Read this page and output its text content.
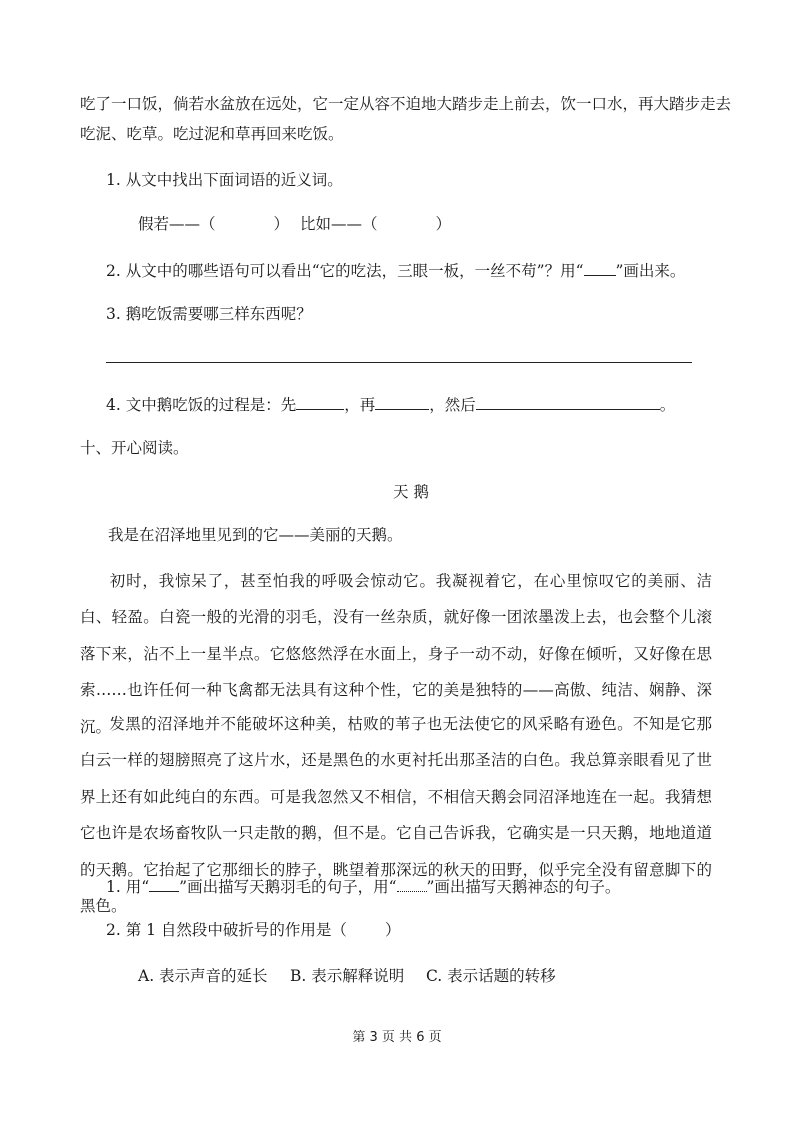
吃了一口饭，倘若水盆放在远处，它一定从容不迫地大踏步走上前去，饮一口水，再大踏步走去
吃泥、吃草。吃过泥和草再回来吃饭。
1. 从文中找出下面词语的近义词。
假若——（	） 比如——（	）
2. 从文中的哪些语句可以看出“它的吃法，三眼一板，一丝不苟”？用“ ”画出来。
3. 鹅吃饭需要哪三样东西呢？
4. 文中鹅吃饭的过程是：先	，再	，然后	。
十、开心阅读。
天 鹅
我是在沼泽地里见到的它——美丽的天鹅。
初时，我惊呆了，甚至怕我的呼吸会惊动它。我凝视着它，在心里惊叹它的美丽、洁白、轻盈。白瓷一般的光滑的羽毛，没有一丝杂质，就好像一团浓墨泼上去，也会整个儿滚落下来，沾不上一星半点。它悠悠然浮在水面上，身子一动不动，好像在倾听，又好像在思索……也许任何一种飞禽都无法具有这种个性，它的美是独特的——高傲、纯洁、娴静、深沉。
发黑的沼泽地并不能破坏这种美，枯败的苇子也无法使它的风采略有逊色。不知是它那白云一样的翅膀照亮了这片水，还是黑色的水更衬托出那圣洁的白色。我总算亲眼看见了世界上还有如此纯白的东西。可是我忽然又不相信，不相信天鹅会同沼泽地连在一起。我猜想它也许是农场畜牧队一只走散的鹅，但不是。它自己告诉我，它确实是一只天鹅，地地道道的天鹅。它抬起了它那细长的脖子，眺望着那深远的秋天的田野，似乎完全没有留意脚下的黑色。
1. 用“ ”画出描写天鹅羽毛的句子，用“ ”画出描写天鹅神态的句子。
2. 第 1 自然段中破折号的作用是（ ）
A. 表示声音的延长 B. 表示解释说明 C. 表示话题的转移
第 3 页 共 6 页
